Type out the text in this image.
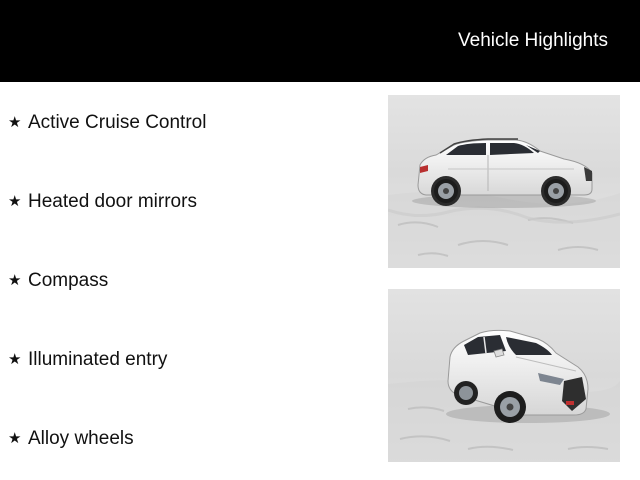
Vehicle Highlights
★ Active Cruise Control
★ Heated door mirrors
★ Compass
★ Illuminated entry
★ Alloy wheels
